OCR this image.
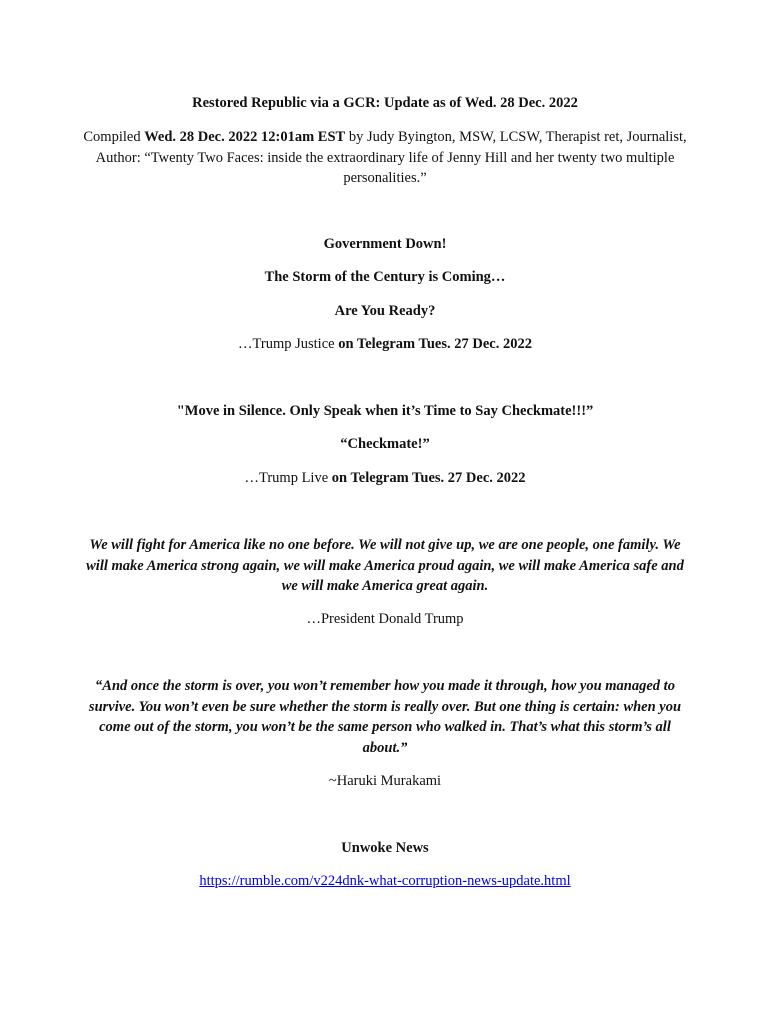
Restored Republic via a GCR: Update as of Wed. 28 Dec. 2022

Compiled Wed. 28 Dec. 2022 12:01am EST by Judy Byington, MSW, LCSW, Therapist ret, Journalist, Author: “Twenty Two Faces: inside the extraordinary life of Jenny Hill and her twenty two multiple personalities.”

Government Down!

The Storm of the Century is Coming…

Are You Ready?

…Trump Justice on Telegram Tues. 27 Dec. 2022

"Move in Silence. Only Speak when it’s Time to Say Checkmate!!!”

“Checkmate!”

…Trump Live on Telegram Tues. 27 Dec. 2022

We will fight for America like no one before. We will not give up, we are one people, one family. We will make America strong again, we will make America proud again, we will make America safe and we will make America great again.

…President Donald Trump

“And once the storm is over, you won’t remember how you made it through, how you managed to survive. You won’t even be sure whether the storm is really over. But one thing is certain: when you come out of the storm, you won’t be the same person who walked in. That’s what this storm’s all about.”

~Haruki Murakami

Unwoke News

https://rumble.com/v224dnk-what-corruption-news-update.html
